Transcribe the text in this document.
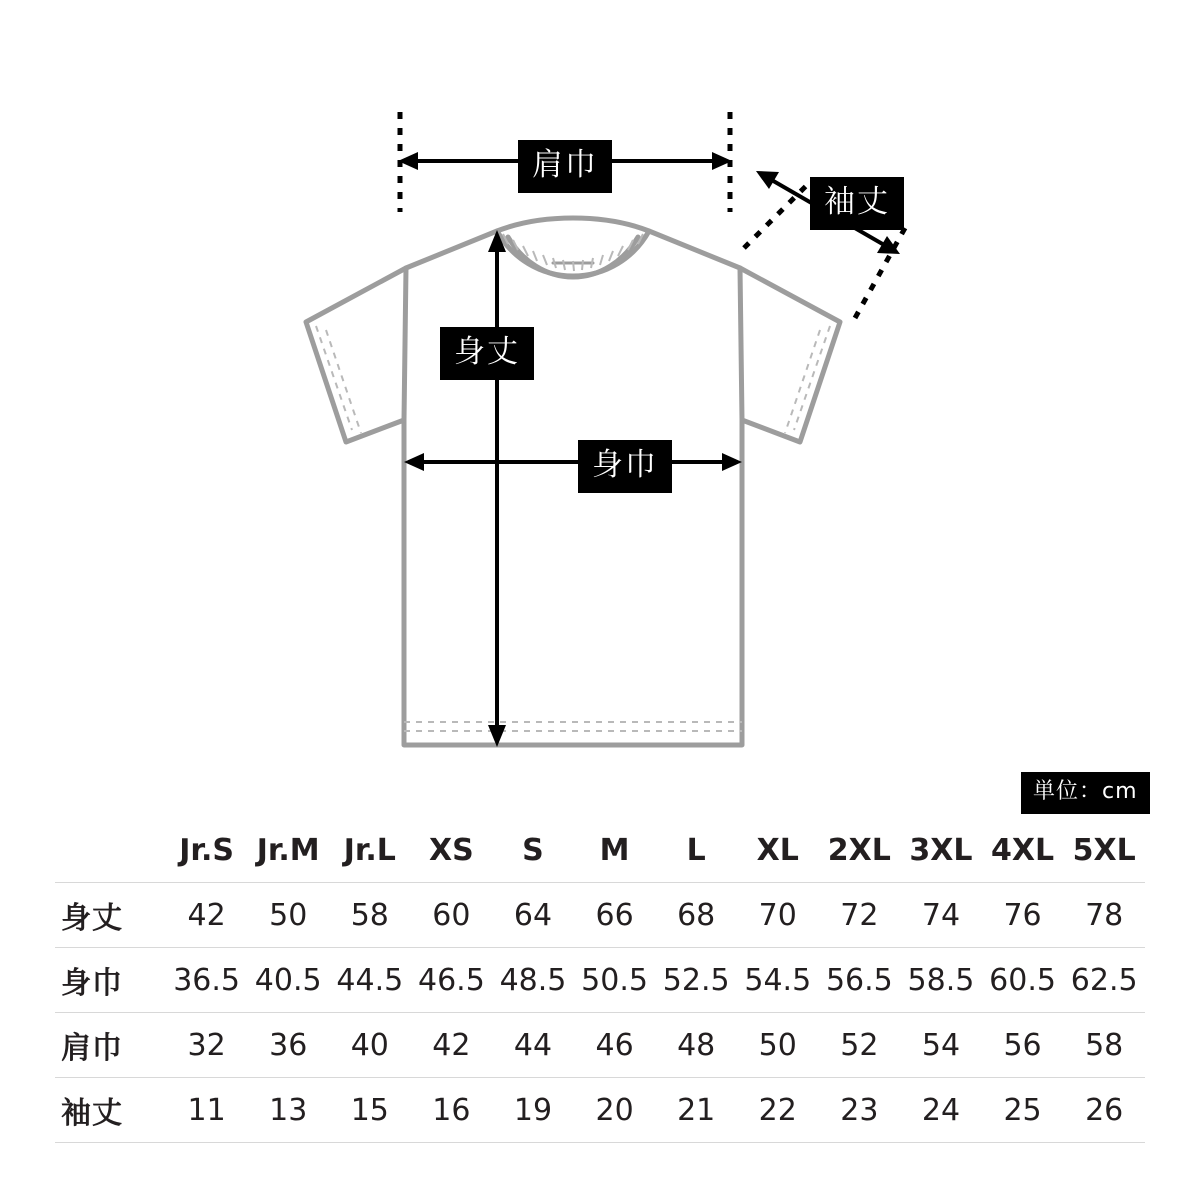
肩巾
袖丈
身丈
身巾
単位：cm
	Jr.S	Jr.M	Jr.L	XS	S	M	L	XL	2XL	3XL	4XL	5XL
身丈	42	50	58	60	64	66	68	70	72	74	76	78
身巾	36.5	40.5	44.5	46.5	48.5	50.5	52.5	54.5	56.5	58.5	60.5	62.5
肩巾	32	36	40	42	44	46	48	50	52	54	56	58
袖丈	11	13	15	16	19	20	21	22	23	24	25	26
